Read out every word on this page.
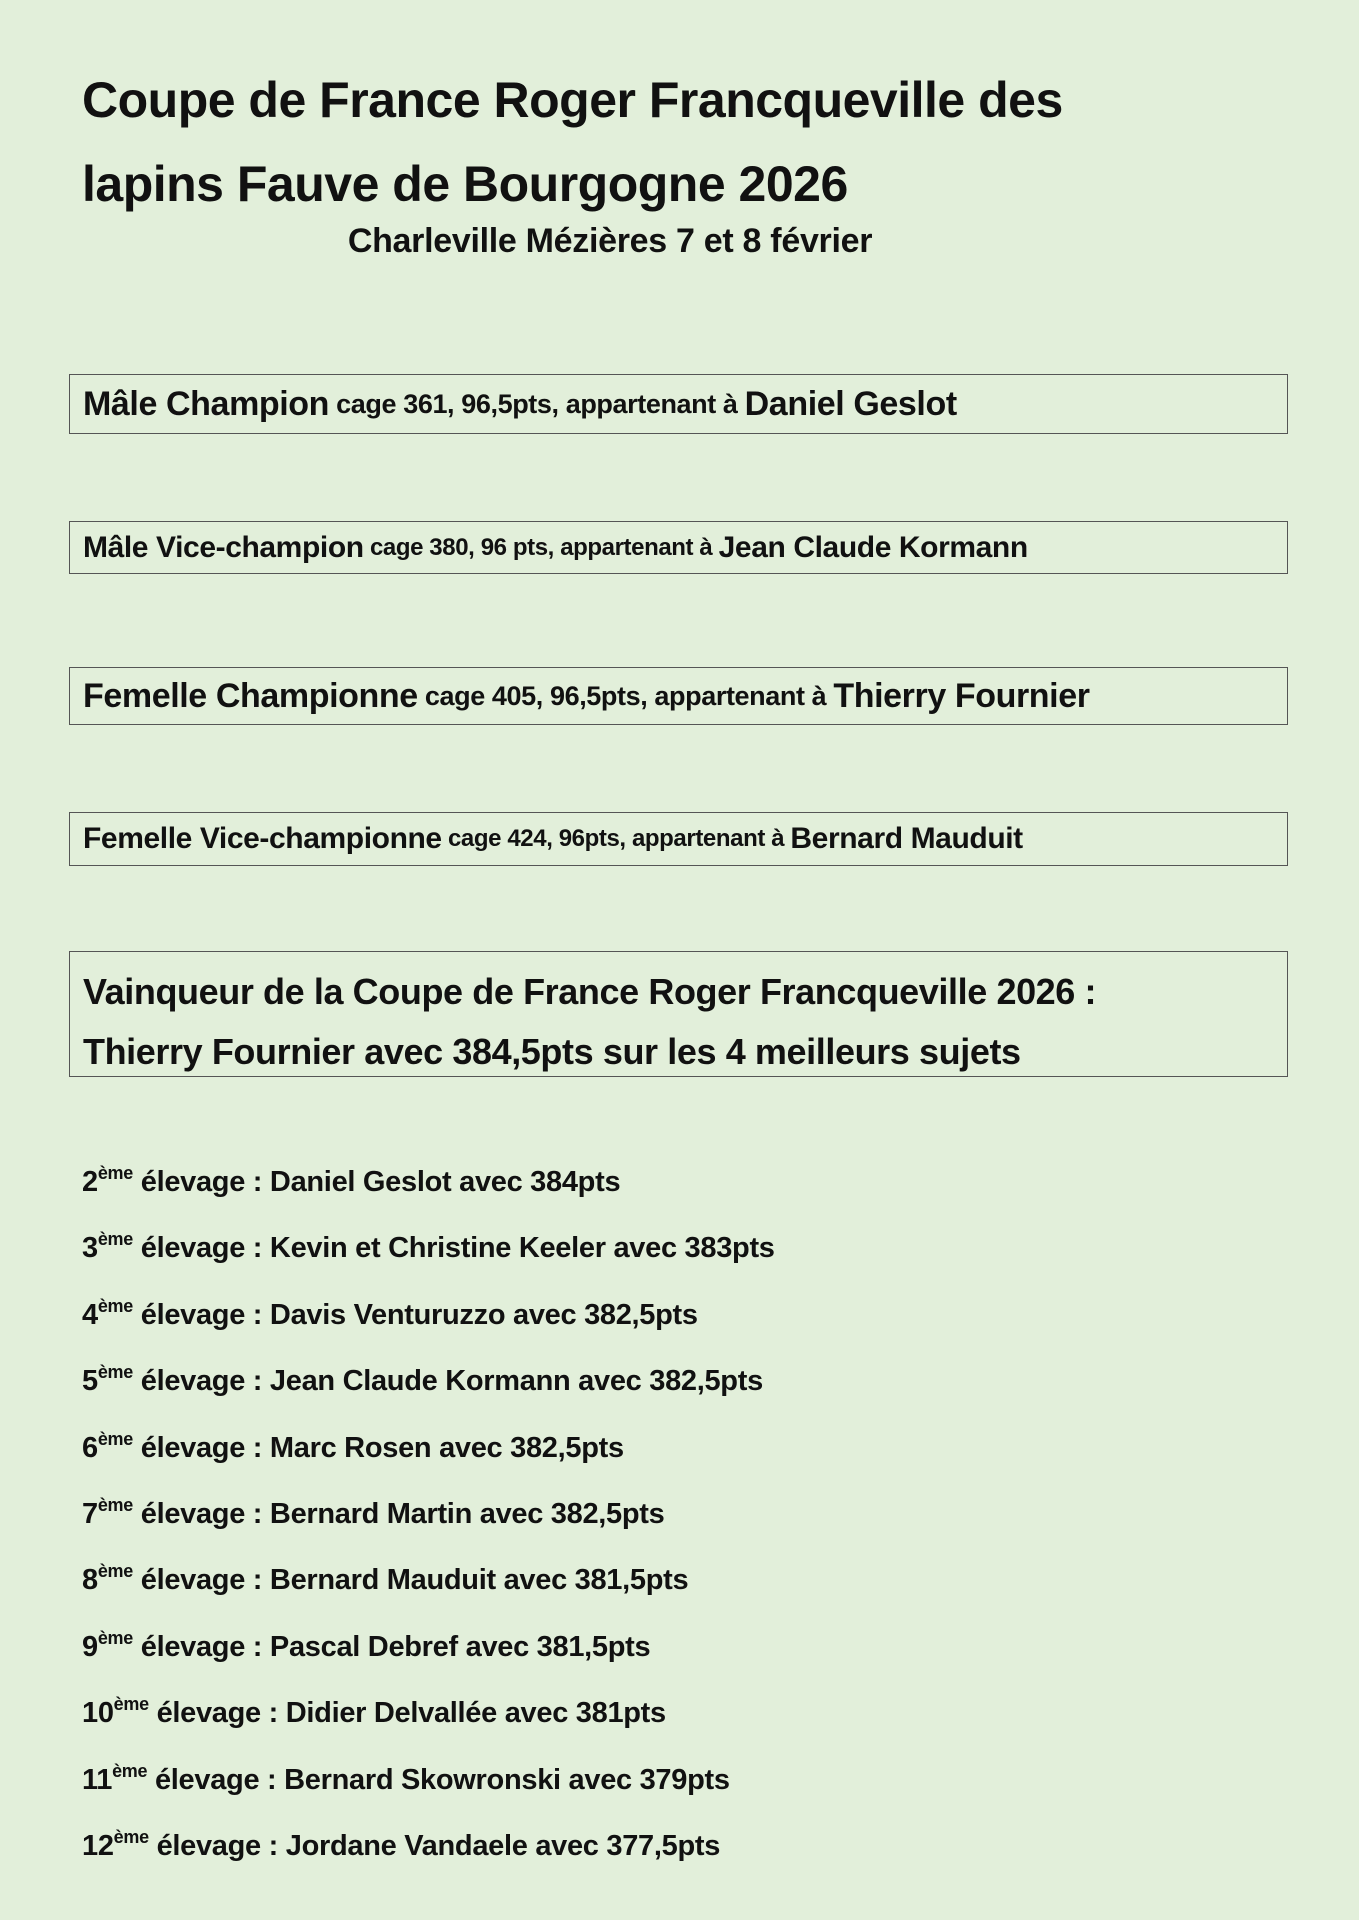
Coupe de France Roger Francqueville des
lapins Fauve de Bourgogne 2026
Charleville Mézières 7 et 8 février
Mâle Champion cage 361, 96,5pts, appartenant à Daniel Geslot
Mâle Vice-champion cage 380, 96 pts, appartenant à Jean Claude Kormann
Femelle Championne cage 405, 96,5pts, appartenant à Thierry Fournier
Femelle Vice-championne cage 424, 96pts, appartenant à Bernard Mauduit
Vainqueur de la Coupe de France Roger Francqueville 2026 :
Thierry Fournier avec 384,5pts sur les 4 meilleurs sujets
2ème élevage : Daniel Geslot avec 384pts
3ème élevage : Kevin et Christine Keeler avec 383pts
4ème élevage : Davis Venturuzzo avec 382,5pts
5ème élevage : Jean Claude Kormann avec 382,5pts
6ème élevage : Marc Rosen avec 382,5pts
7ème élevage : Bernard Martin avec 382,5pts
8ème élevage : Bernard Mauduit avec 381,5pts
9ème élevage : Pascal Debref avec 381,5pts
10ème élevage : Didier Delvallée avec 381pts
11ème élevage : Bernard Skowronski avec 379pts
12ème élevage : Jordane Vandaele avec 377,5pts
